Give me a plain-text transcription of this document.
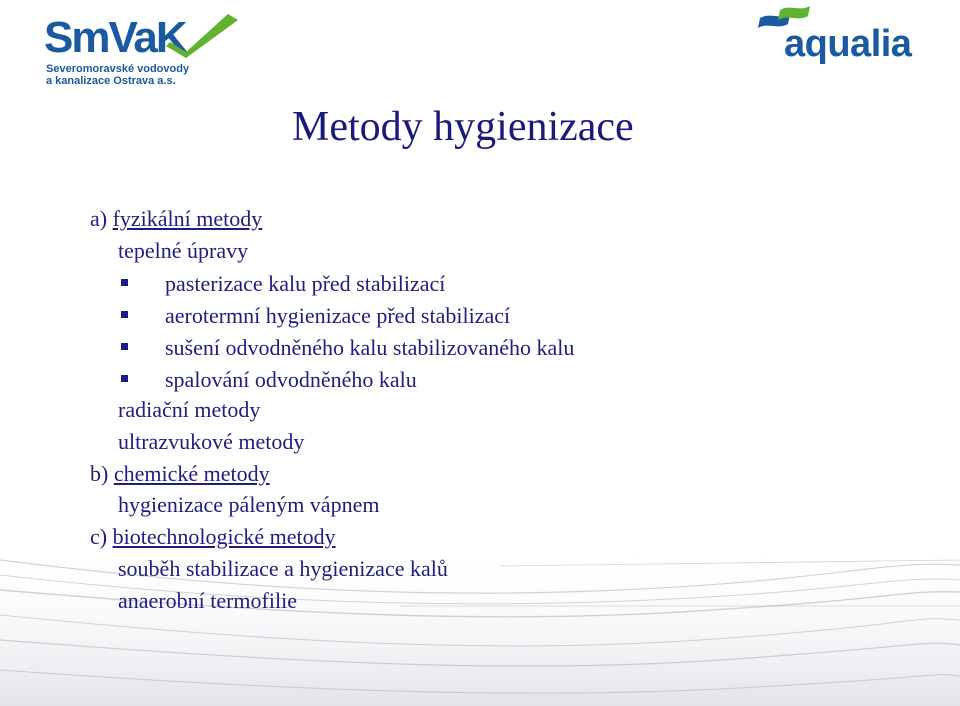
SmVaK
Severomoravské vodovody
a kanalizace Ostrava a.s.
aqualia
Metody hygienizace
a) fyzikální metody
tepelné úpravy
pasterizace kalu před stabilizací
aerotermní hygienizace před stabilizací
sušení odvodněného kalu stabilizovaného kalu
spalování odvodněného kalu
radiační metody
ultrazvukové metody
b) chemické metody
hygienizace páleným vápnem
c) biotechnologické metody
souběh stabilizace a hygienizace kalů
anaerobní termofilie
